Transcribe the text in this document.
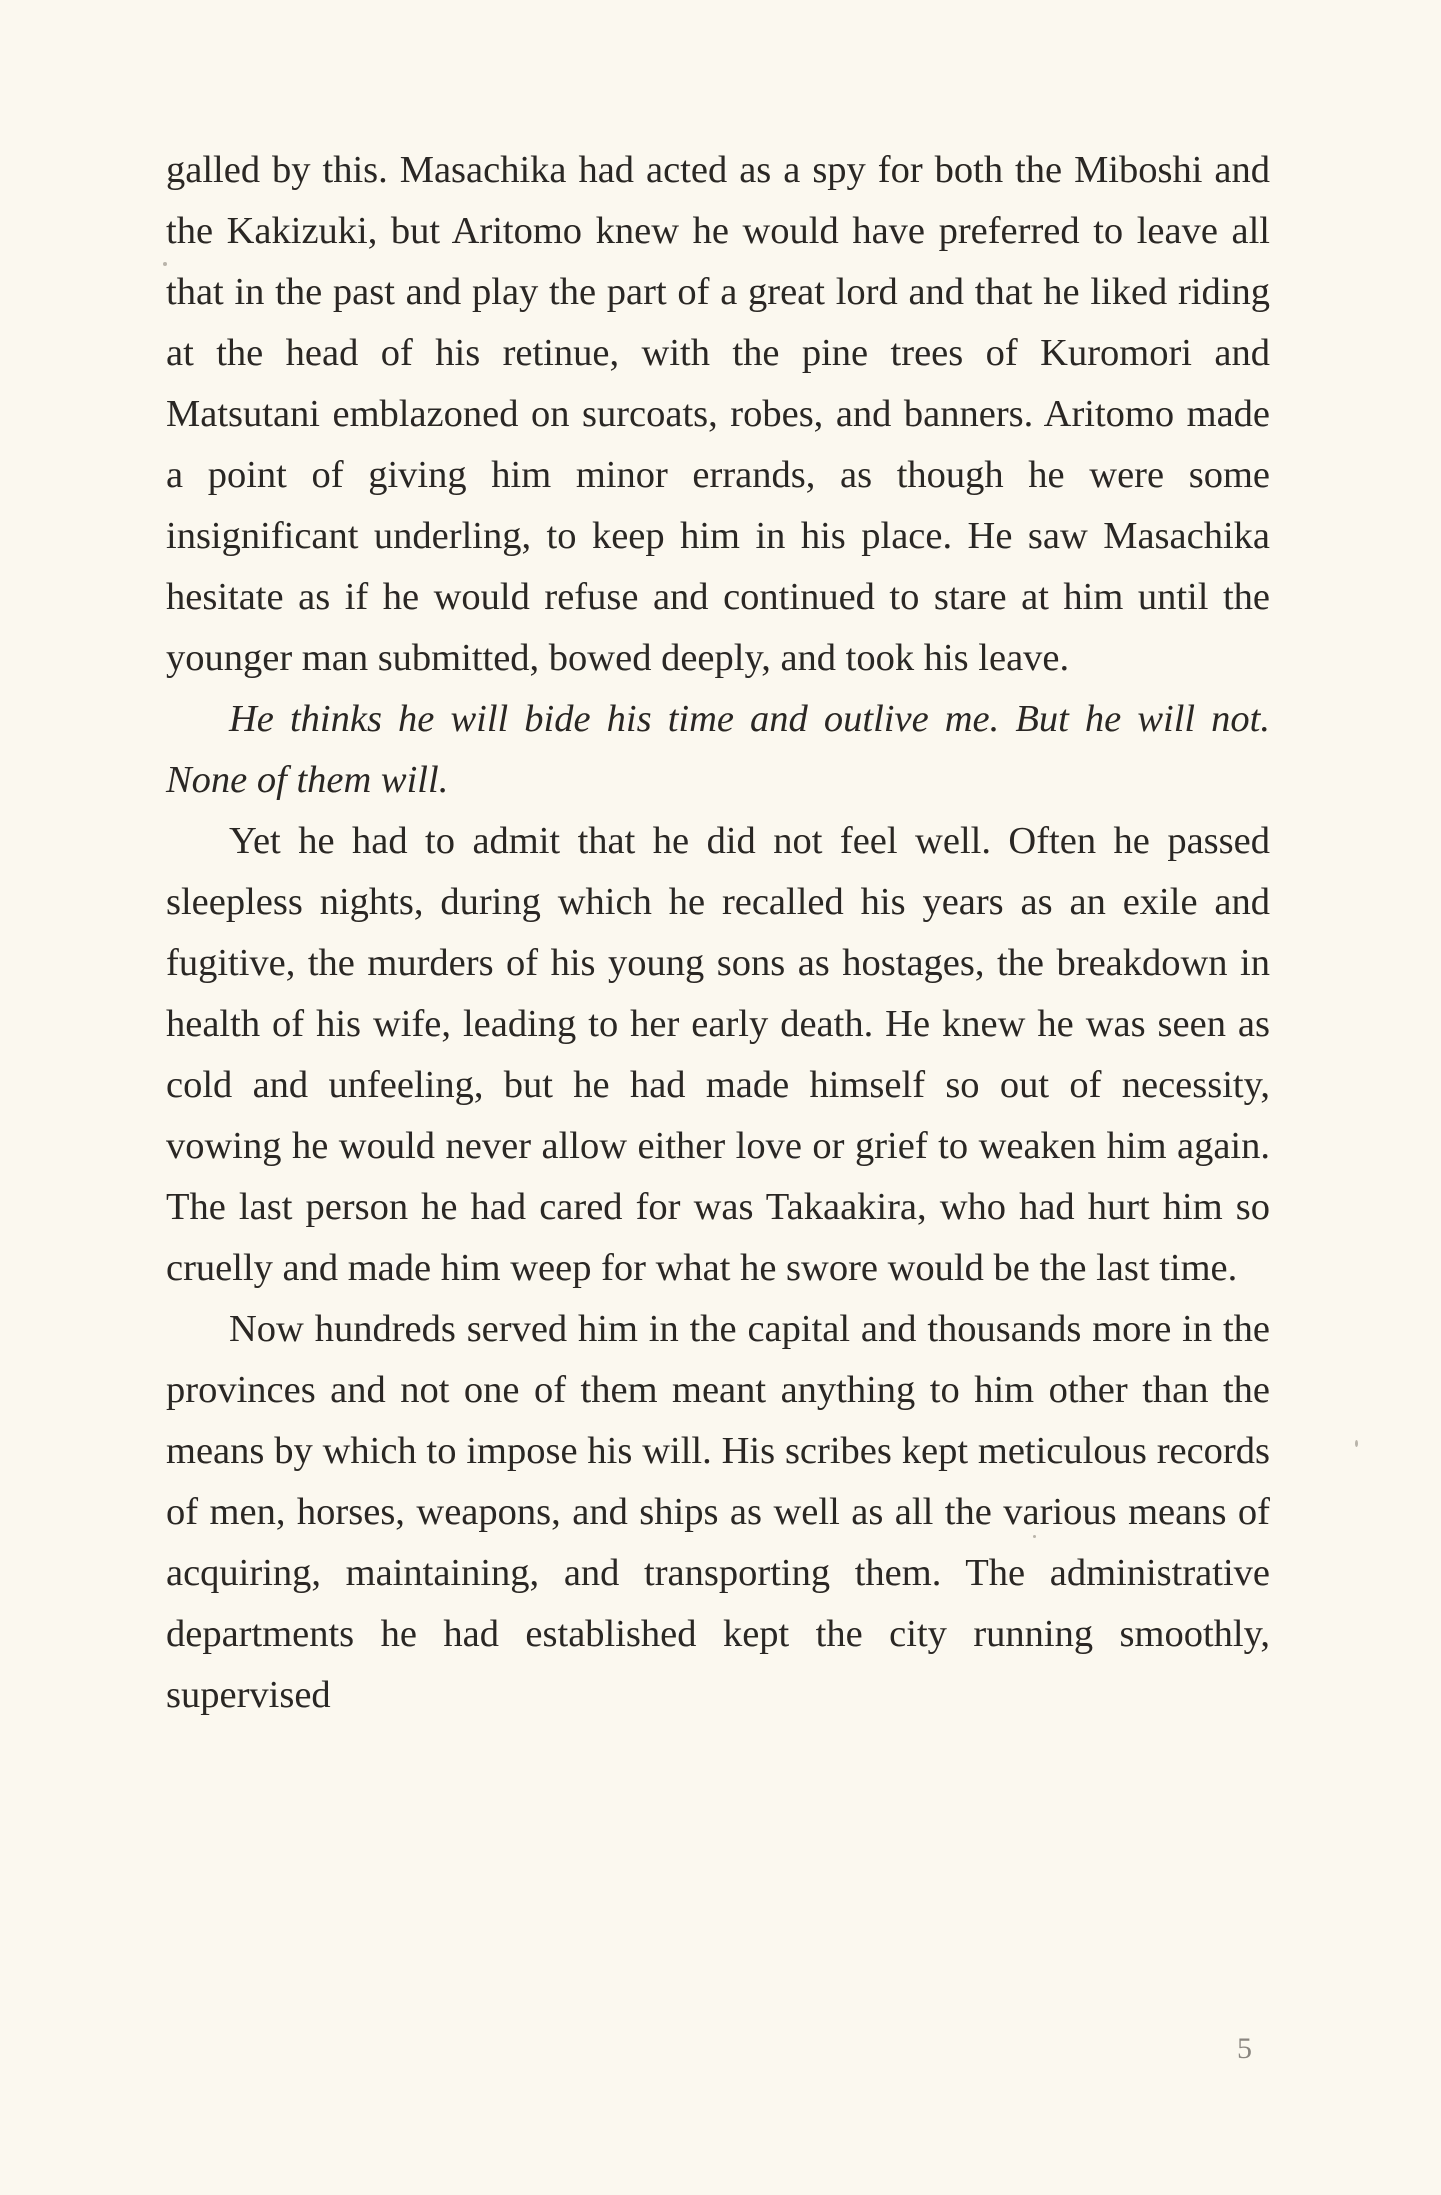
galled by this. Masachika had acted as a spy for both the Miboshi and the Kakizuki, but Aritomo knew he would have preferred to leave all that in the past and play the part of a great lord and that he liked riding at the head of his retinue, with the pine trees of Kuromori and Matsutani emblazoned on surcoats, robes, and banners. Aritomo made a point of giving him minor errands, as though he were some insignificant underling, to keep him in his place. He saw Masachika hesitate as if he would refuse and continued to stare at him until the younger man submitted, bowed deeply, and took his leave.

He thinks he will bide his time and outlive me. But he will not. None of them will.

Yet he had to admit that he did not feel well. Often he passed sleepless nights, during which he recalled his years as an exile and fugitive, the murders of his young sons as hostages, the breakdown in health of his wife, leading to her early death. He knew he was seen as cold and unfeeling, but he had made himself so out of necessity, vowing he would never allow either love or grief to weaken him again. The last person he had cared for was Takaakira, who had hurt him so cruelly and made him weep for what he swore would be the last time.

Now hundreds served him in the capital and thousands more in the provinces and not one of them meant anything to him other than the means by which to impose his will. His scribes kept meticulous records of men, horses, weapons, and ships as well as all the various means of acquiring, maintaining, and transporting them. The administrative departments he had established kept the city running smoothly, supervised

5
